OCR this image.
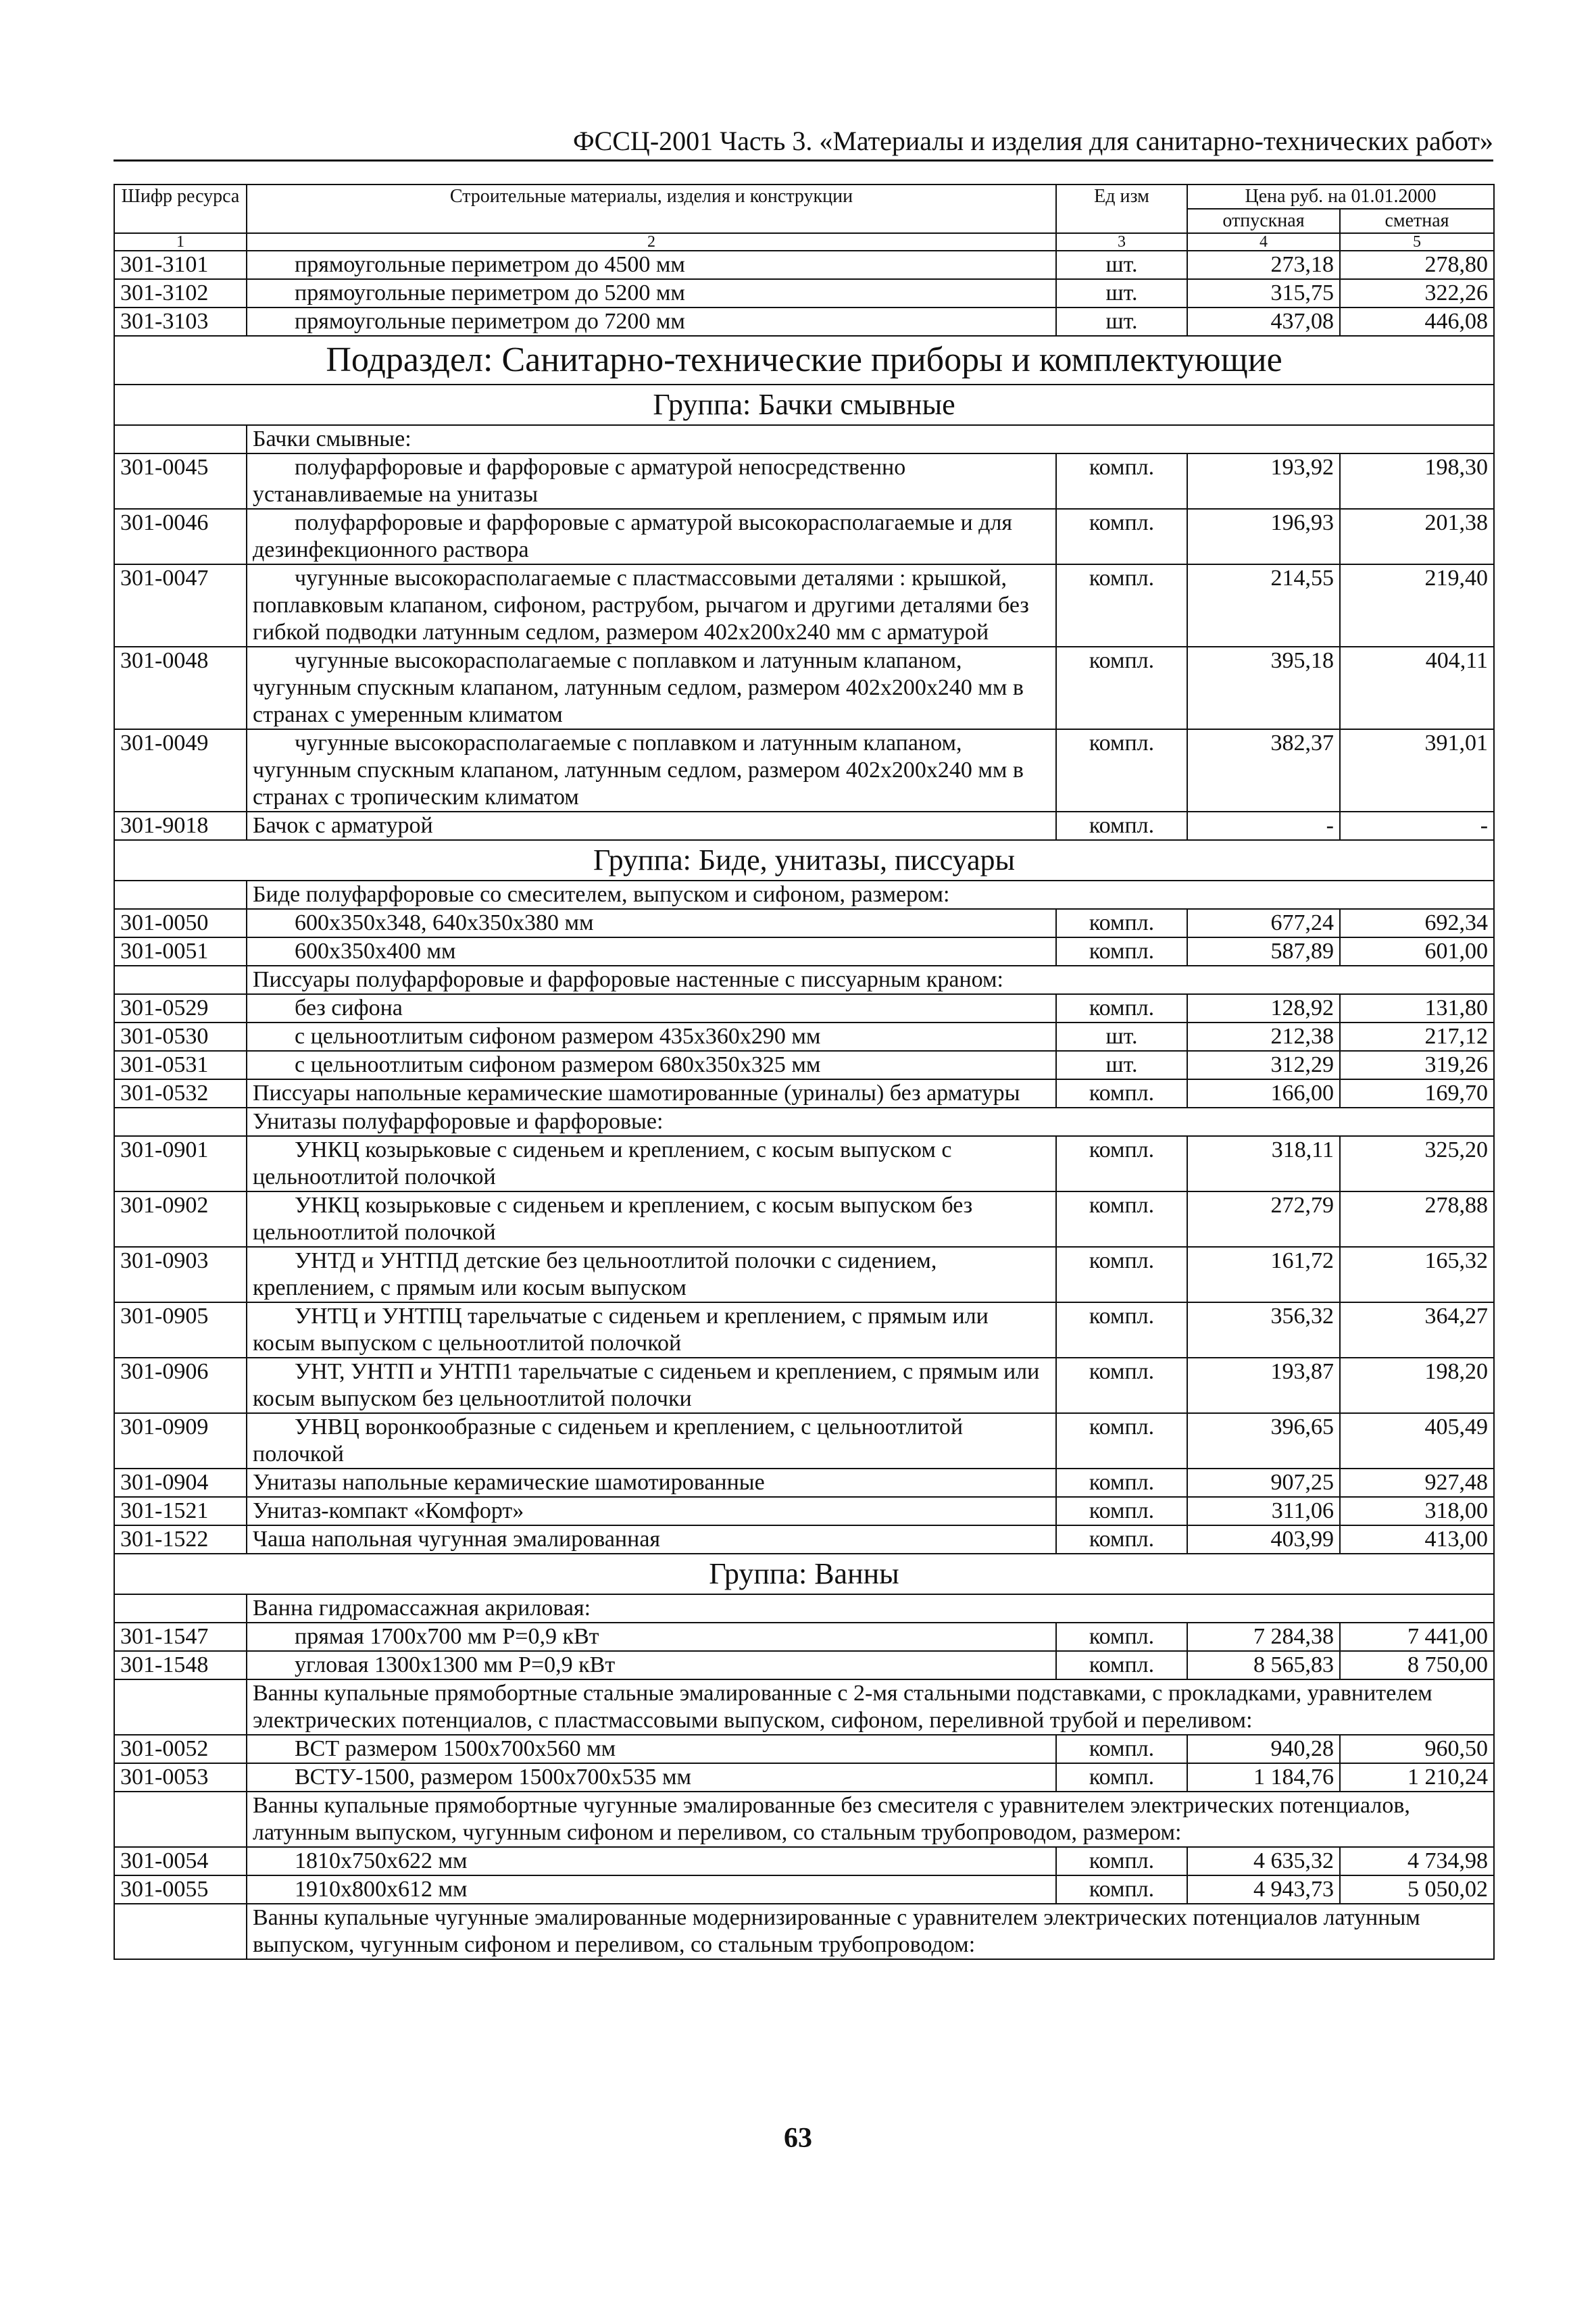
ФССЦ-2001 Часть 3. «Материалы и изделия для санитарно-технических работ»
Шифр ресурса	Строительные материалы, изделия и конструкции	Ед изм	Цена руб. на 01.01.2000	
			отпускная	сметная
1	2	3	4	5
301-3101	прямоугольные периметром до 4500 мм	шт.	273,18	278,80
301-3102	прямоугольные периметром до 5200 мм	шт.	315,75	322,26
301-3103	прямоугольные периметром до 7200 мм	шт.	437,08	446,08
Подраздел: Санитарно-технические приборы и комплектующие				
Группа: Бачки смывные				
	Бачки смывные:			
301-0045	полуфарфоровые и фарфоровые с арматурой непосредственно устанавливаемые на унитазы	компл.	193,92	198,30
301-0046	полуфарфоровые и фарфоровые с арматурой высокорасполагаемые и для дезинфекционного раствора	компл.	196,93	201,38
301-0047	чугунные высокорасполагаемые с пластмассовыми деталями : крышкой, поплавковым клапаном, сифоном, раструбом, рычагом и другими деталями без гибкой подводки латунным седлом, размером 402х200х240 мм с арматурой	компл.	214,55	219,40
301-0048	чугунные высокорасполагаемые с поплавком и латунным клапаном, чугунным спускным клапаном, латунным седлом, размером 402х200х240 мм в странах с умеренным климатом	компл.	395,18	404,11
301-0049	чугунные высокорасполагаемые с поплавком и латунным клапаном, чугунным спускным клапаном, латунным седлом, размером 402х200х240 мм в странах с тропическим климатом	компл.	382,37	391,01
301-9018	Бачок с арматурой	компл.	-	-
Группа: Биде, унитазы, писсуары				
	Биде полуфарфоровые со смесителем, выпуском и сифоном, размером:			
301-0050	600х350х348, 640х350х380 мм	компл.	677,24	692,34
301-0051	600х350х400 мм	компл.	587,89	601,00
	Писсуары полуфарфоровые и фарфоровые настенные с писсуарным краном:			
301-0529	без сифона	компл.	128,92	131,80
301-0530	с цельноотлитым сифоном размером 435х360х290 мм	шт.	212,38	217,12
301-0531	с цельноотлитым сифоном размером 680х350х325 мм	шт.	312,29	319,26
301-0532	Писсуары напольные керамические шамотированные (уриналы) без арматуры	компл.	166,00	169,70
	Унитазы полуфарфоровые и фарфоровые:			
301-0901	УНКЦ козырьковые с сиденьем и креплением, с косым выпуском с цельноотлитой полочкой	компл.	318,11	325,20
301-0902	УНКЦ козырьковые с сиденьем и креплением, с косым выпуском без цельноотлитой полочкой	компл.	272,79	278,88
301-0903	УНТД и УНТПД детские без цельноотлитой полочки с сидением, креплением, с прямым или косым выпуском	компл.	161,72	165,32
301-0905	УНТЦ и УНТПЦ тарельчатые с сиденьем и креплением, с прямым или косым выпуском с цельноотлитой полочкой	компл.	356,32	364,27
301-0906	УНТ, УНТП и УНТП1 тарельчатые с сиденьем и креплением, с прямым или косым выпуском без цельноотлитой полочки	компл.	193,87	198,20
301-0909	УНВЦ воронкообразные с сиденьем и креплением, с цельноотлитой полочкой	компл.	396,65	405,49
301-0904	Унитазы напольные керамические шамотированные	компл.	907,25	927,48
301-1521	Унитаз-компакт «Комфорт»	компл.	311,06	318,00
301-1522	Чаша напольная чугунная эмалированная	компл.	403,99	413,00
Группа: Ванны				
	Ванна гидромассажная акриловая:			
301-1547	прямая 1700х700 мм P=0,9 кВт	компл.	7 284,38	7 441,00
301-1548	угловая 1300х1300 мм P=0,9 кВт	компл.	8 565,83	8 750,00
	Ванны купальные прямобортные стальные эмалированные с 2-мя стальными подставками, с прокладками, уравнителем электрических потенциалов, с пластмассовыми выпуском, сифоном, переливной трубой и переливом:			
301-0052	ВСТ размером 1500х700х560 мм	компл.	940,28	960,50
301-0053	ВСТУ-1500, размером 1500х700х535 мм	компл.	1 184,76	1 210,24
	Ванны купальные прямобортные чугунные эмалированные без смесителя с уравнителем электрических потенциалов, латунным выпуском, чугунным сифоном и переливом, со стальным трубопроводом, размером:			
301-0054	1810х750х622 мм	компл.	4 635,32	4 734,98
301-0055	1910х800х612 мм	компл.	4 943,73	5 050,02
	Ванны купальные чугунные эмалированные модернизированные с уравнителем электрических потенциалов латунным выпуском, чугунным сифоном и переливом, со стальным трубопроводом:			
63
